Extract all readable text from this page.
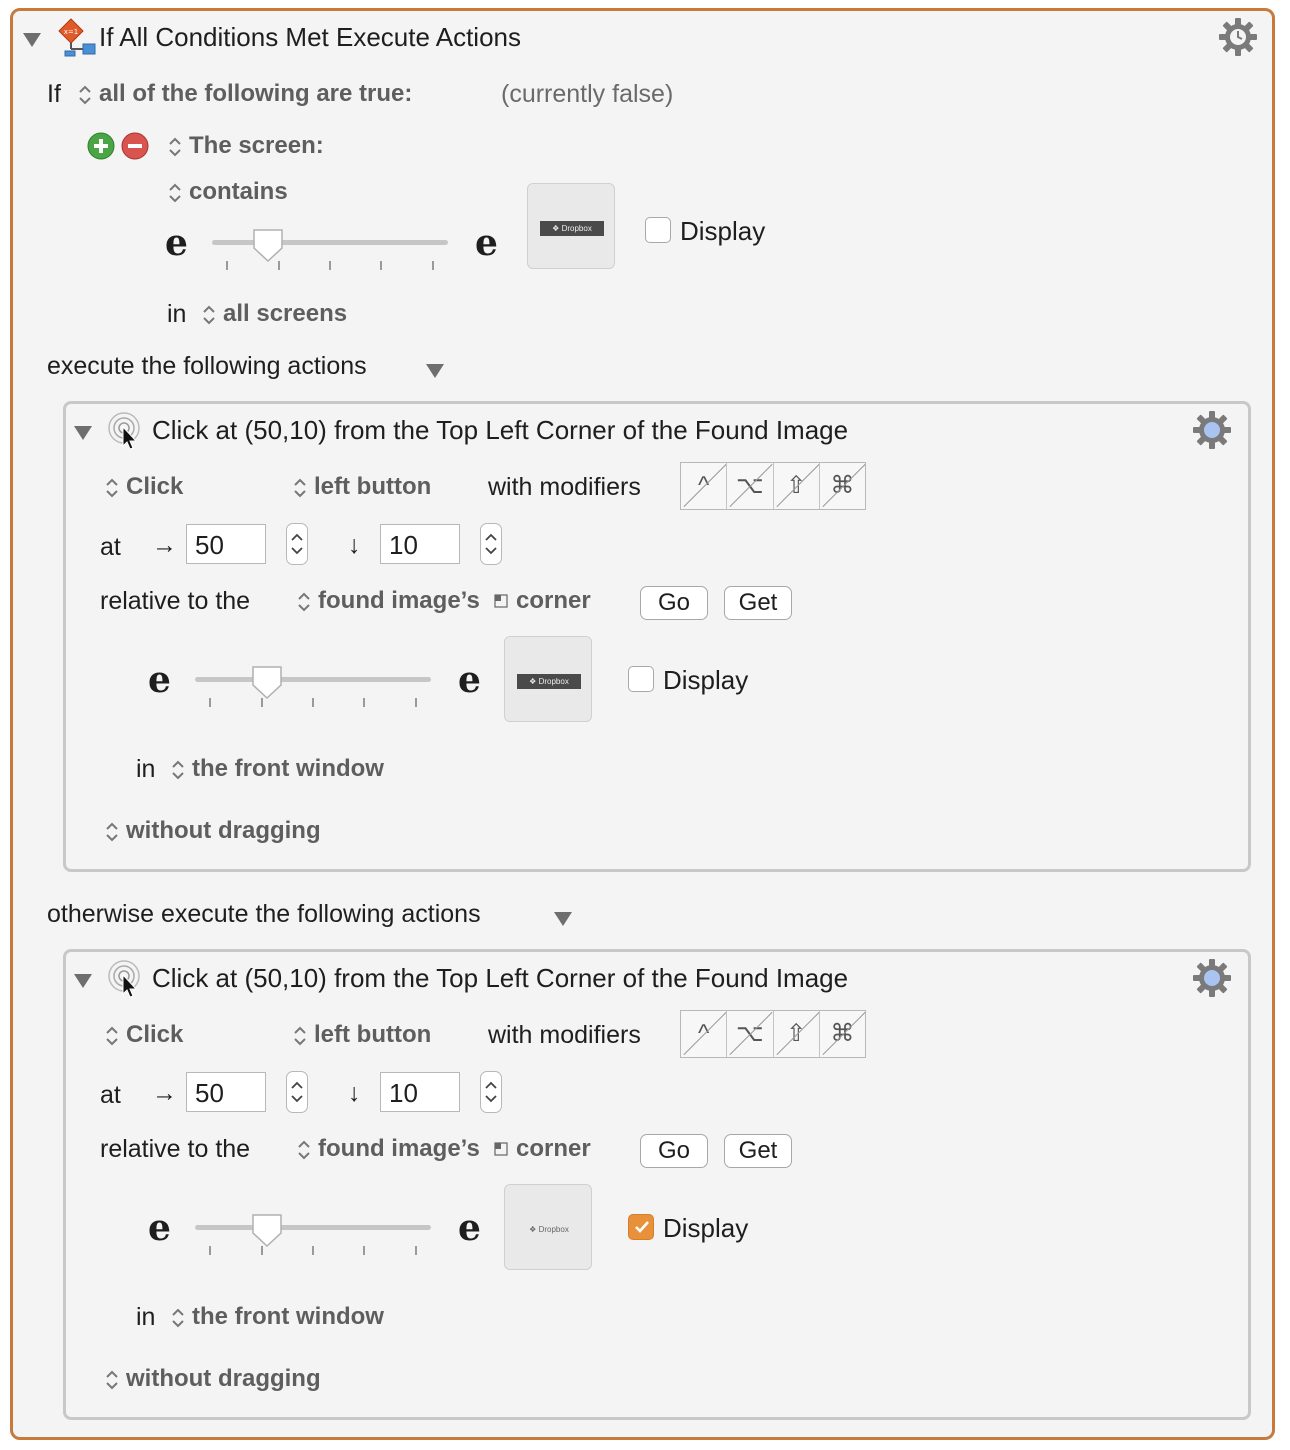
x=1 If All Conditions Met Execute Actions
If	all of the following are true:	(currently false)
The screen:
contains
e	e	❖ Dropbox	Display
in	all screens
execute the following actions
Click at (50,10) from the Top Left Corner of the Found Image
Click	left button with modifiers	^	⌥ ⇧	⌘
at → 50	↓	10
relative to the	found image’s corner	Go	Get
e	e	❖ Dropbox	Display
in	the front window
without dragging
otherwise execute the following actions
Click at (50,10) from the Top Left Corner of the Found Image
Click	left button with modifiers	^	⌥ ⇧	⌘
at → 50	↓	10
relative to the	found image’s corner	Go	Get
e	e	❖ Dropbox	Display
in	the front window
without dragging
